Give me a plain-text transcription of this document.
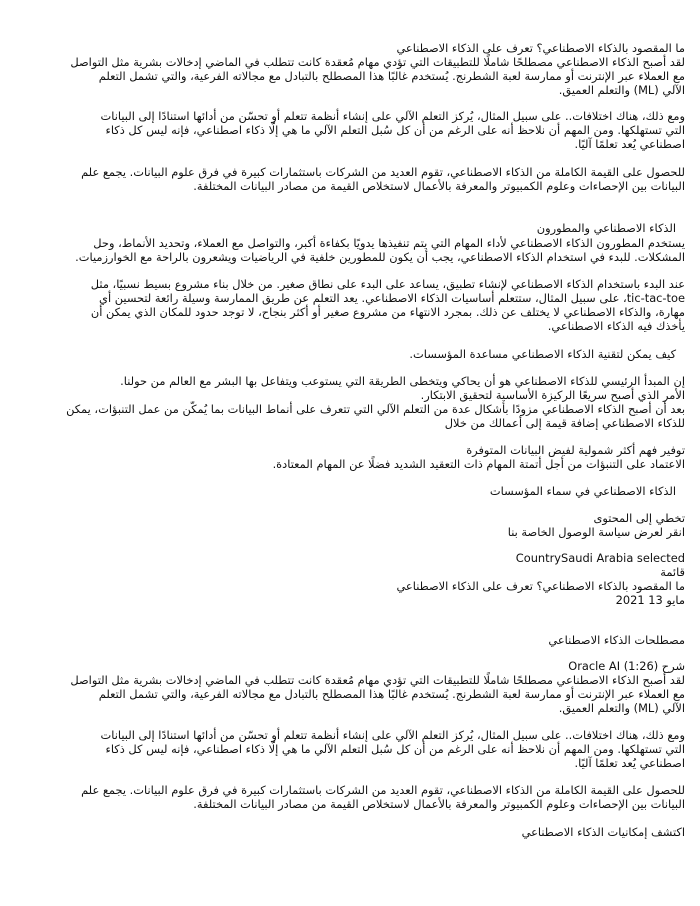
ما المقصود بالذكاء الاصطناعي؟ تعرف على الذكاء الاصطناعي
لقد أصبح الذكاء الاصطناعي مصطلحًا شاملًا للتطبيقات التي تؤدي مهام مُعقدة كانت تتطلب في الماضي إدخالات بشرية مثل التواصل
مع العملاء عبر الإنترنت أو ممارسة لعبة الشطرنج. يُستخدم غالبًا هذا المصطلح بالتبادل مع مجالاته الفرعية، والتي تشمل التعلم
الآلي (ML) والتعلم العميق.
ومع ذلك، هناك اختلافات.. على سبيل المثال، يُركز التعلم الآلي على إنشاء أنظمة تتعلم أو تحسّن من أدائها استنادًا إلى البيانات
التي تستهلكها. ومن المهم أن نلاحظ أنه على الرغم من أن كل سُبل التعلم الآلي ما هي إلّا ذكاء اصطناعي، فإنه ليس كل ذكاء
اصطناعي يُعد تعلمًا آليًا.
للحصول على القيمة الكاملة من الذكاء الاصطناعي، تقوم العديد من الشركات باستثمارات كبيرة في فرق علوم البيانات. يجمع علم
البيانات بين الإحصاءات وعلوم الكمبيوتر والمعرفة بالأعمال لاستخلاص القيمة من مصادر البيانات المختلفة.
الذكاء الاصطناعي والمطورون
يستخدم المطورون الذكاء الاصطناعي لأداء المهام التي يتم تنفيذها يدويًا بكفاءة أكبر، والتواصل مع العملاء، وتحديد الأنماط، وحل
المشكلات. للبدء في استخدام الذكاء الاصطناعي، يجب أن يكون للمطورين خلفية في الرياضيات ويشعرون بالراحة مع الخوارزميات.
عند البدء باستخدام الذكاء الاصطناعي لإنشاء تطبيق، يساعد على البدء على نطاق صغير. من خلال بناء مشروع بسيط نسبيًا، مثل
tic-tac-toe، على سبيل المثال، ستتعلم أساسيات الذكاء الاصطناعي. يعد التعلم عن طريق الممارسة وسيلة رائعة لتحسين أي
مهارة، والذكاء الاصطناعي لا يختلف عن ذلك. بمجرد الانتهاء من مشروع صغير أو أكثر بنجاح، لا توجد حدود للمكان الذي يمكن أن
يأخذك فيه الذكاء الاصطناعي.
كيف يمكن لتقنية الذكاء الاصطناعي مساعدة المؤسسات.
إن المبدأ الرئيسي للذكاء الاصطناعي هو أن يحاكي ويتخطى الطريقة التي يستوعب ويتفاعل بها البشر مع العالم من حولنا.
الأمر الذي أصبح سريعًا الركيزة الأساسية لتحقيق الابتكار.
بعد أن أصبح الذكاء الاصطناعي مزودًا بأشكال عدة من التعلم الآلي التي تتعرف على أنماط البيانات بما يُمكّن من عمل التنبؤات، يمكن
للذكاء الاصطناعي إضافة قيمة إلى أعمالك من خلال
توفير فهم أكثر شمولية لفيض البيانات المتوفرة
الاعتماد على التنبؤات من أجل أتمتة المهام ذات التعقيد الشديد فضلًا عن المهام المعتادة.
الذكاء الاصطناعي في سماء المؤسسات
تخطي إلى المحتوى
انقر لعرض سياسة الوصول الخاصة بنا
CountrySaudi Arabia selected
قائمة
ما المقصود بالذكاء الاصطناعي؟ تعرف على الذكاء الاصطناعي
مايو 13 2021
مصطلحات الذكاء الاصطناعي
شرح Oracle AI (1:26)
لقد أصبح الذكاء الاصطناعي مصطلحًا شاملًا للتطبيقات التي تؤدي مهام مُعقدة كانت تتطلب في الماضي إدخالات بشرية مثل التواصل
مع العملاء عبر الإنترنت أو ممارسة لعبة الشطرنج. يُستخدم غالبًا هذا المصطلح بالتبادل مع مجالاته الفرعية، والتي تشمل التعلم
الآلي (ML) والتعلم العميق.
ومع ذلك، هناك اختلافات.. على سبيل المثال، يُركز التعلم الآلي على إنشاء أنظمة تتعلم أو تحسّن من أدائها استنادًا إلى البيانات
التي تستهلكها. ومن المهم أن نلاحظ أنه على الرغم من أن كل سُبل التعلم الآلي ما هي إلّا ذكاء اصطناعي، فإنه ليس كل ذكاء
اصطناعي يُعد تعلمًا آليًا.
للحصول على القيمة الكاملة من الذكاء الاصطناعي، تقوم العديد من الشركات باستثمارات كبيرة في فرق علوم البيانات. يجمع علم
البيانات بين الإحصاءات وعلوم الكمبيوتر والمعرفة بالأعمال لاستخلاص القيمة من مصادر البيانات المختلفة.
اكتشف إمكانيات الذكاء الاصطناعي
